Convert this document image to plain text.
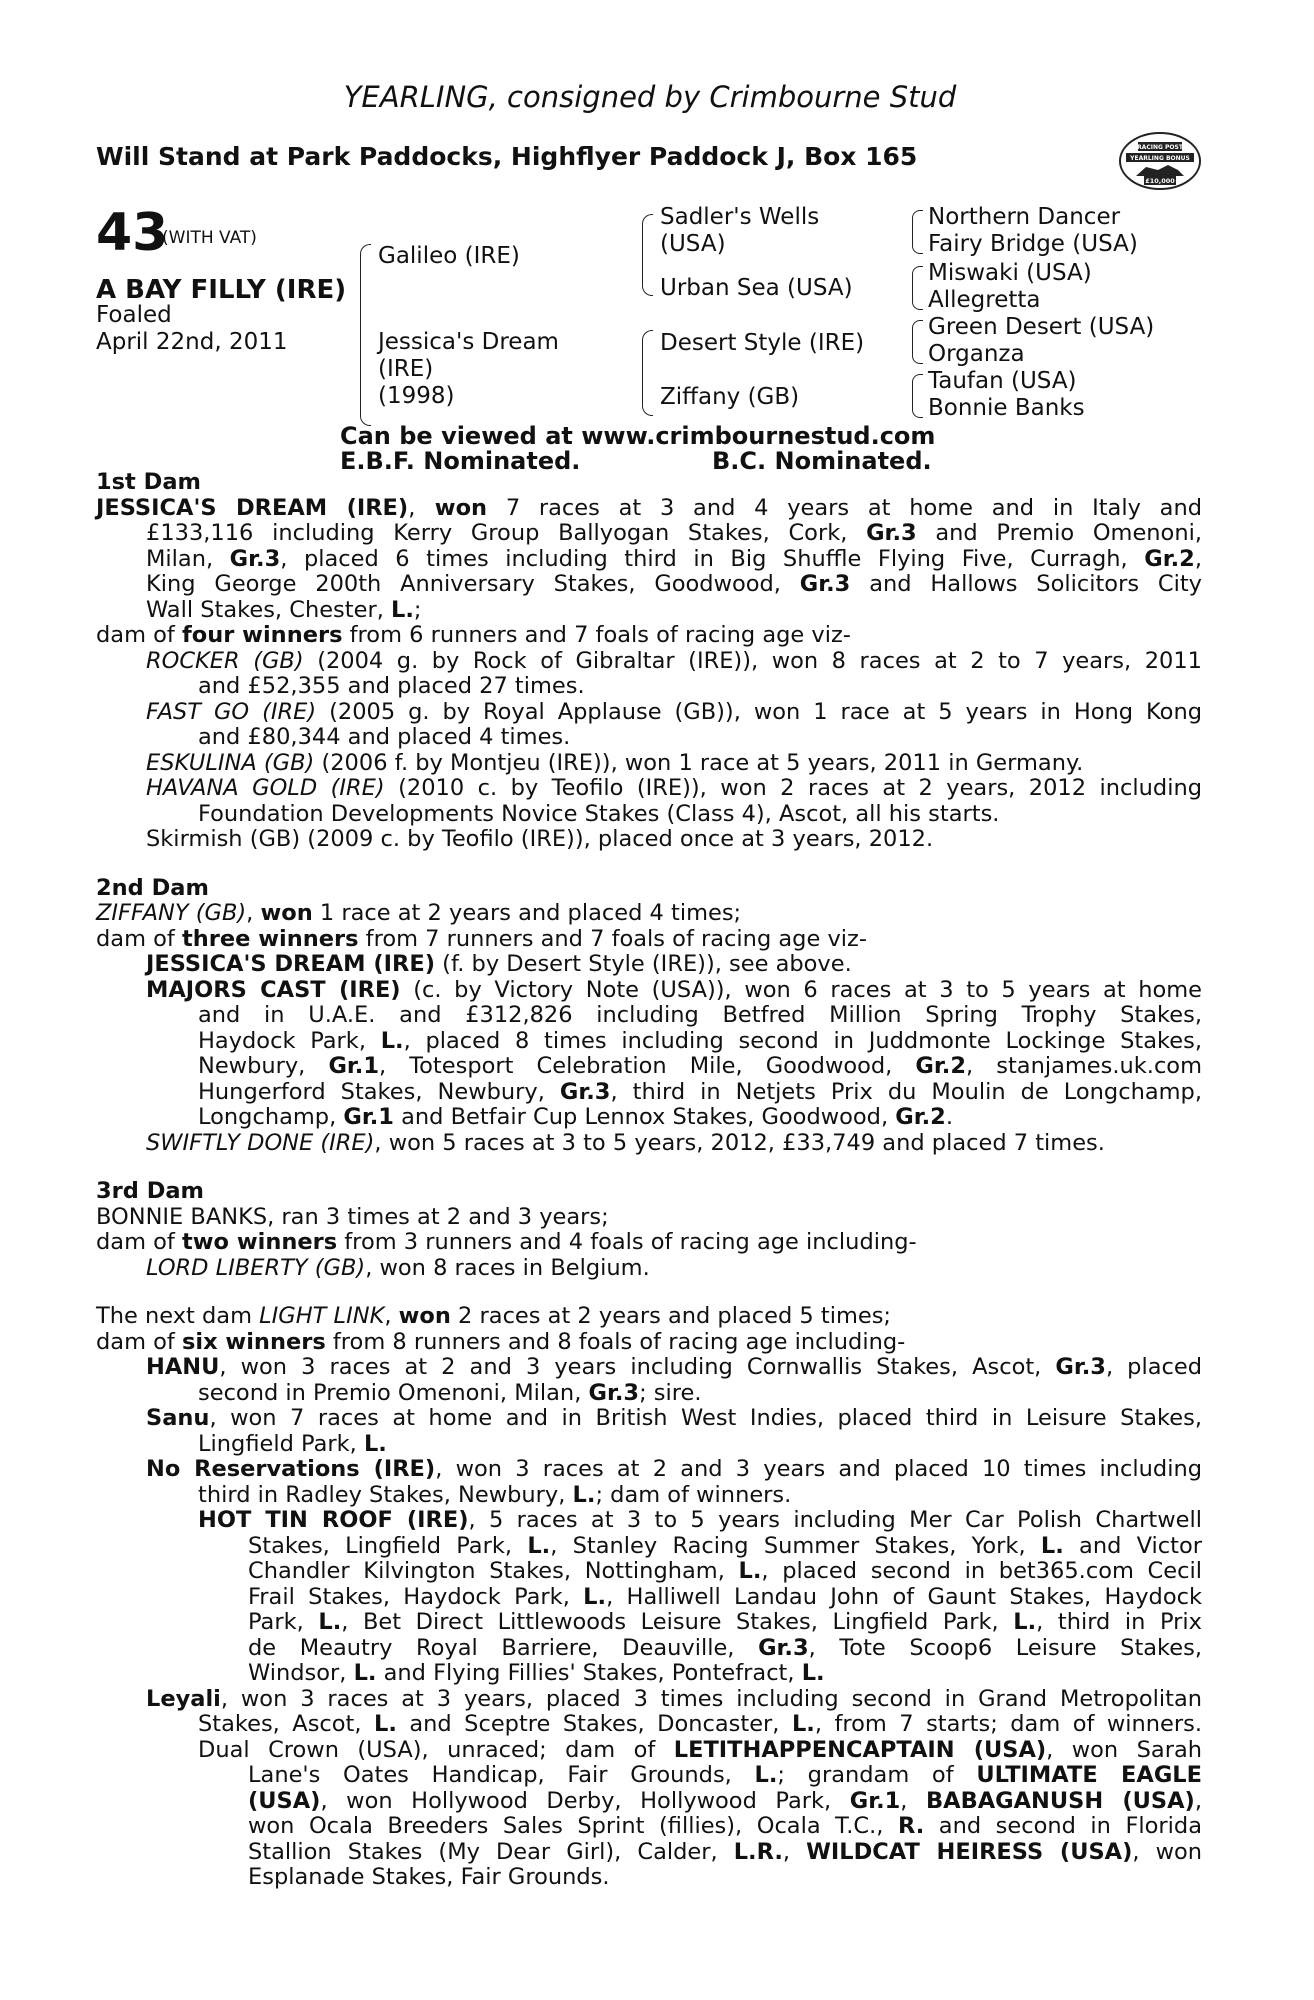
YEARLING, consigned by Crimbourne Stud
Will Stand at Park Paddocks, Highflyer Paddock J, Box 165	RACING POST
YEARLING BONUS
£10,000
43
(WITH VAT)
A BAY FILLY (IRE)
Foaled
April 22nd, 2011
Galileo (IRE)
Jessica's Dream
(IRE)
(1998)
Sadler's Wells
(USA)
Urban Sea (USA)
Desert Style (IRE)
Ziffany (GB)
Northern Dancer
Fairy Bridge (USA)
Miswaki (USA)
Allegretta
Green Desert (USA)
Organza
Taufan (USA)
Bonnie Banks
Can be viewed at www.crimbournestud.com
E.B.F. Nominated.	B.C. Nominated.
1st Dam
JESSICA'S DREAM (IRE), won 7 races at 3 and 4 years at home and in Italy and
£133,116 including Kerry Group Ballyogan Stakes, Cork, Gr.3 and Premio Omenoni,
Milan, Gr.3, placed 6 times including third in Big Shuffle Flying Five, Curragh, Gr.2,
King George 200th Anniversary Stakes, Goodwood, Gr.3 and Hallows Solicitors City
Wall Stakes, Chester, L.;
dam of four winners from 6 runners and 7 foals of racing age viz-
ROCKER (GB) (2004 g. by Rock of Gibraltar (IRE)), won 8 races at 2 to 7 years, 2011
and £52,355 and placed 27 times.
FAST GO (IRE) (2005 g. by Royal Applause (GB)), won 1 race at 5 years in Hong Kong
and £80,344 and placed 4 times.
ESKULINA (GB) (2006 f. by Montjeu (IRE)), won 1 race at 5 years, 2011 in Germany.
HAVANA GOLD (IRE) (2010 c. by Teofilo (IRE)), won 2 races at 2 years, 2012 including
Foundation Developments Novice Stakes (Class 4), Ascot, all his starts.
Skirmish (GB) (2009 c. by Teofilo (IRE)), placed once at 3 years, 2012.
2nd Dam
ZIFFANY (GB), won 1 race at 2 years and placed 4 times;
dam of three winners from 7 runners and 7 foals of racing age viz-
JESSICA'S DREAM (IRE) (f. by Desert Style (IRE)), see above.
MAJORS CAST (IRE) (c. by Victory Note (USA)), won 6 races at 3 to 5 years at home
and in U.A.E. and £312,826 including Betfred Million Spring Trophy Stakes,
Haydock Park, L., placed 8 times including second in Juddmonte Lockinge Stakes,
Newbury, Gr.1, Totesport Celebration Mile, Goodwood, Gr.2, stanjames.uk.com
Hungerford Stakes, Newbury, Gr.3, third in Netjets Prix du Moulin de Longchamp,
Longchamp, Gr.1 and Betfair Cup Lennox Stakes, Goodwood, Gr.2.
SWIFTLY DONE (IRE), won 5 races at 3 to 5 years, 2012, £33,749 and placed 7 times.
3rd Dam
BONNIE BANKS, ran 3 times at 2 and 3 years;
dam of two winners from 3 runners and 4 foals of racing age including-
LORD LIBERTY (GB), won 8 races in Belgium.
The next dam LIGHT LINK, won 2 races at 2 years and placed 5 times;
dam of six winners from 8 runners and 8 foals of racing age including-
HANU, won 3 races at 2 and 3 years including Cornwallis Stakes, Ascot, Gr.3, placed
second in Premio Omenoni, Milan, Gr.3; sire.
Sanu, won 7 races at home and in British West Indies, placed third in Leisure Stakes,
Lingfield Park, L.
No Reservations (IRE), won 3 races at 2 and 3 years and placed 10 times including
third in Radley Stakes, Newbury, L.; dam of winners.
HOT TIN ROOF (IRE), 5 races at 3 to 5 years including Mer Car Polish Chartwell
Stakes, Lingfield Park, L., Stanley Racing Summer Stakes, York, L. and Victor
Chandler Kilvington Stakes, Nottingham, L., placed second in bet365.com Cecil
Frail Stakes, Haydock Park, L., Halliwell Landau John of Gaunt Stakes, Haydock
Park, L., Bet Direct Littlewoods Leisure Stakes, Lingfield Park, L., third in Prix
de Meautry Royal Barriere, Deauville, Gr.3, Tote Scoop6 Leisure Stakes,
Windsor, L. and Flying Fillies' Stakes, Pontefract, L.
Leyali, won 3 races at 3 years, placed 3 times including second in Grand Metropolitan
Stakes, Ascot, L. and Sceptre Stakes, Doncaster, L., from 7 starts; dam of winners.
Dual Crown (USA), unraced; dam of LETITHAPPENCAPTAIN (USA), won Sarah
Lane's Oates Handicap, Fair Grounds, L.; grandam of ULTIMATE EAGLE
(USA), won Hollywood Derby, Hollywood Park, Gr.1, BABAGANUSH (USA),
won Ocala Breeders Sales Sprint (fillies), Ocala T.C., R. and second in Florida
Stallion Stakes (My Dear Girl), Calder, L.R., WILDCAT HEIRESS (USA), won
Esplanade Stakes, Fair Grounds.
